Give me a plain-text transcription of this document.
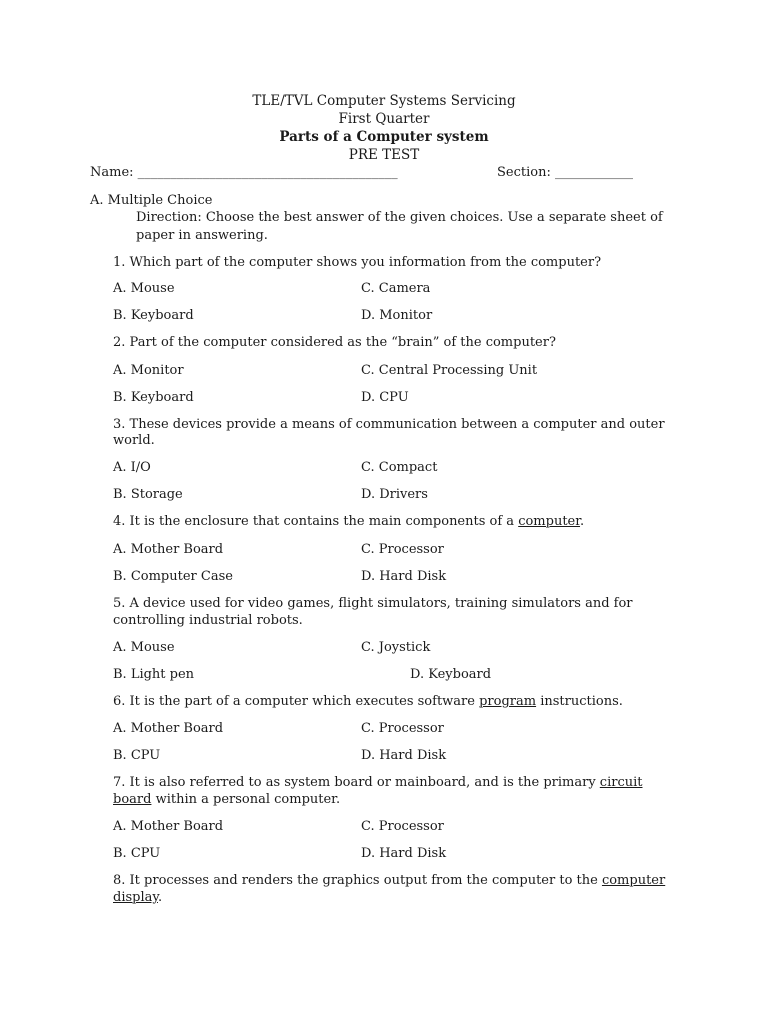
TLE/TVL Computer Systems Servicing
First Quarter
Parts of a Computer system
PRE TEST
Name: ________________________________________	Section: ____________
A. Multiple Choice
Direction: Choose the best answer of the given choices. Use a separate sheet of
paper in answering.
1. Which part of the computer shows you information from the computer?
A. Mouse	C. Camera
B. Keyboard	D. Monitor
2. Part of the computer considered as the “brain” of the computer?
A. Monitor	C. Central Processing Unit
B. Keyboard	D. CPU
3. These devices provide a means of communication between a computer and outer
world.
A. I/O	C. Compact
B. Storage	D. Drivers
4. It is the enclosure that contains the main components of a computer.
A. Mother Board	C. Processor
B. Computer Case	D. Hard Disk
5. A device used for video games, flight simulators, training simulators and for
controlling industrial robots.
A. Mouse	C. Joystick
B. Light pen	D. Keyboard
6. It is the part of a computer which executes software program instructions.
A. Mother Board	C. Processor
B. CPU	D. Hard Disk
7. It is also referred to as system board or mainboard, and is the primary circuit
board within a personal computer.
A. Mother Board	C. Processor
B. CPU	D. Hard Disk
8. It processes and renders the graphics output from the computer to the computer
display.
